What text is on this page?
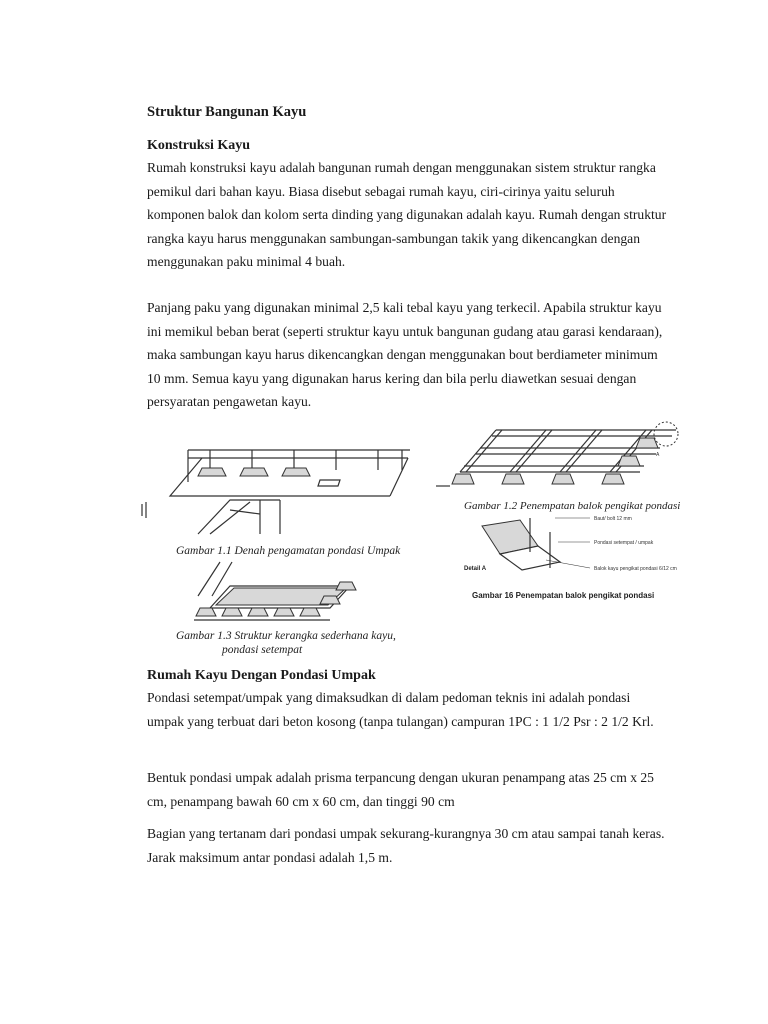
Struktur Bangunan Kayu
Konstruksi Kayu

Rumah konstruksi kayu adalah bangunan rumah dengan menggunakan sistem struktur rangka pemikul dari bahan kayu. Biasa disebut sebagai rumah kayu, ciri-cirinya yaitu seluruh komponen balok dan kolom serta dinding yang digunakan adalah kayu. Rumah dengan struktur rangka kayu harus menggunakan sambungan-sambungan takik yang dikencangkan dengan menggunakan paku minimal 4 buah.

Panjang paku yang digunakan minimal 2,5 kali tebal kayu yang terkecil. Apabila struktur kayu ini memikul beban berat (seperti struktur kayu untuk bangunan gudang atau garasi kendaraan), maka sambungan kayu harus dikencangkan dengan menggunakan bout berdiameter minimum 10 mm. Semua kayu yang digunakan harus kering dan bila perlu diawetkan sesuai dengan persyaratan pengawetan kayu.

Gambar 1.1 Denah pengamatan pondasi Umpak
Gambar 1.3 Struktur kerangka sederhana kayu,
pondasi setempat
A
Gambar 1.2 Penempatan balok pengikat pondasi
Baut/ bolt 12 mm
Pondasi setempat / umpak
Balok kayu pengikat pondasi 6/12 cm
Detail A
Gambar 16 Penempatan balok pengikat pondasi
Rumah Kayu Dengan Pondasi Umpak

Pondasi setempat/umpak yang dimaksudkan di dalam pedoman teknis ini adalah pondasi umpak yang terbuat dari beton kosong (tanpa tulangan) campuran 1PC : 1 1/2 Psr : 2 1/2 Krl.

Bentuk pondasi umpak adalah prisma terpancung dengan ukuran penampang atas 25 cm x 25 cm, penampang bawah 60 cm x 60 cm, dan tinggi 90 cm

Bagian yang tertanam dari pondasi umpak sekurang-kurangnya 30 cm atau sampai tanah keras. Jarak maksimum antar pondasi adalah 1,5 m.
